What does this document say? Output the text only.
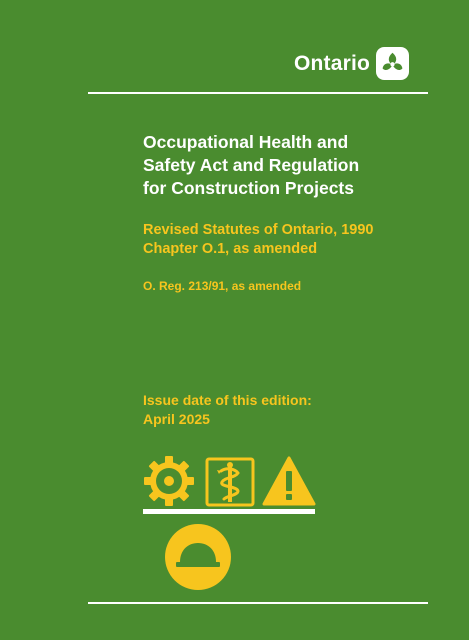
Ontario
Occupational Health and
Safety Act and Regulation
for Construction Projects
Revised Statutes of Ontario, 1990
Chapter O.1, as amended
O. Reg. 213/91, as amended
Issue date of this edition:
April 2025
